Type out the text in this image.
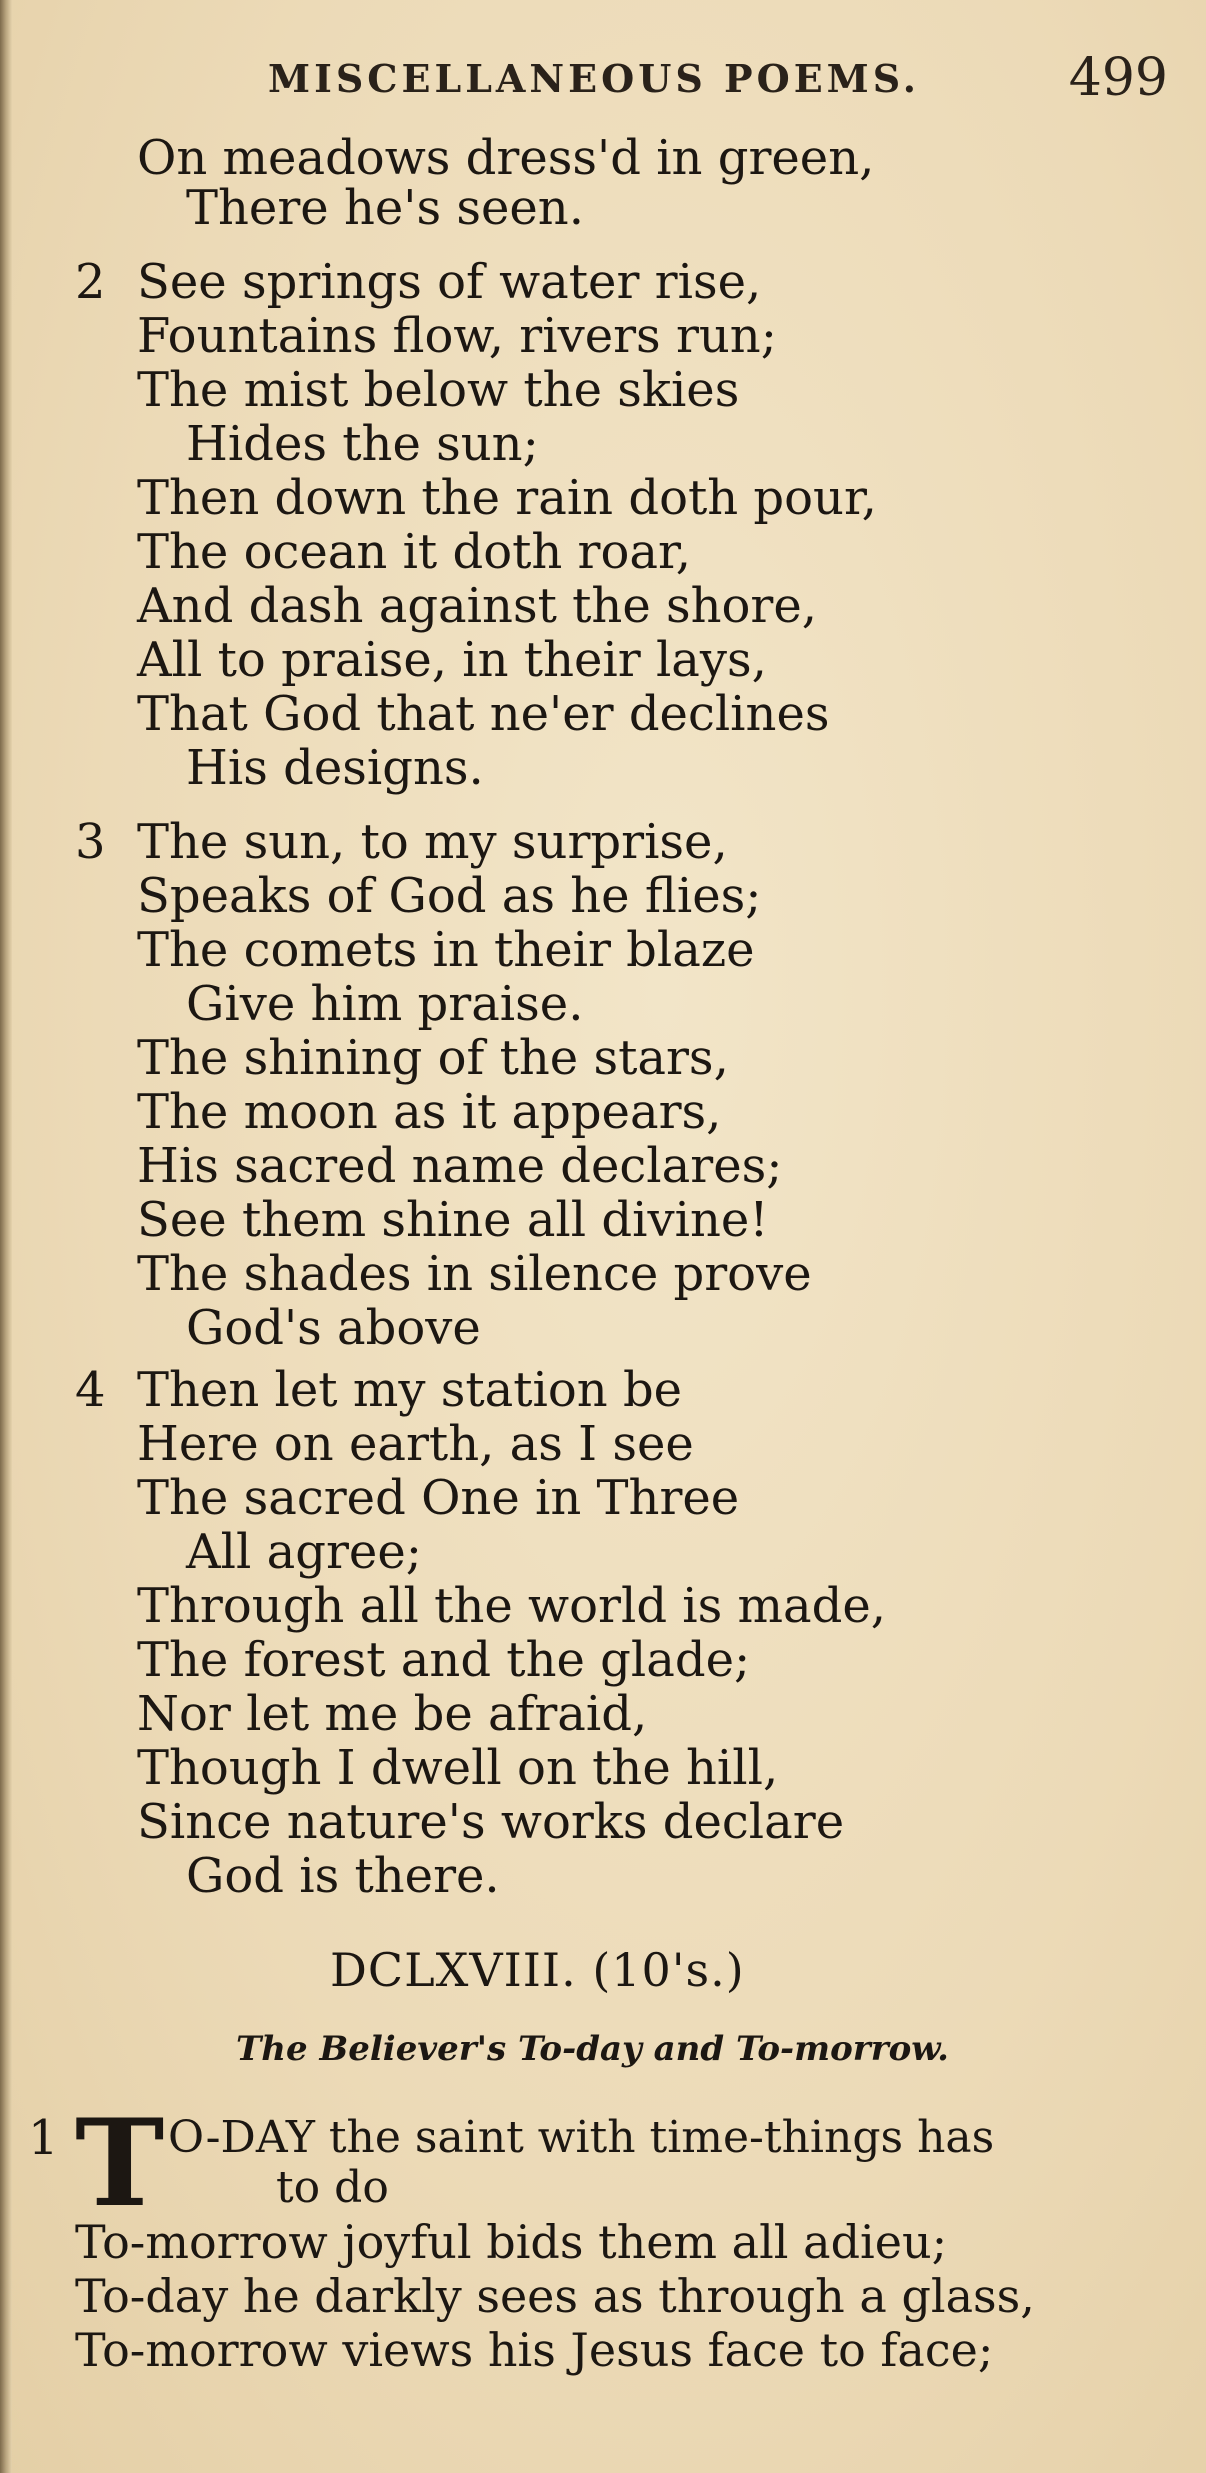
MISCELLANEOUS POEMS.	499
On meadows dress'd in green,
There he's seen.
2 See springs of water rise,
Fountains flow, rivers run;
The mist below the skies
Hides the sun;
Then down the rain doth pour,
The ocean it doth roar,
And dash against the shore,
All to praise, in their lays,
That God that ne'er declines
His designs.
3 The sun, to my surprise,
Speaks of God as he flies;
The comets in their blaze
Give him praise.
The shining of the stars,
The moon as it appears,
His sacred name declares;
See them shine all divine!
The shades in silence prove
God's above
4 Then let my station be
Here on earth, as I see
The sacred One in Three
All agree;
Through all the world is made,
The forest and the glade;
Nor let me be afraid,
Though I dwell on the hill,
Since nature's works declare
God is there.
DCLXVIII. (10's.)
The Believer's To-day and To-morrow.
1 T O-DAY the saint with time-things has
to do
To-morrow joyful bids them all adieu;
To-day he darkly sees as through a glass,
To-morrow views his Jesus face to face;
